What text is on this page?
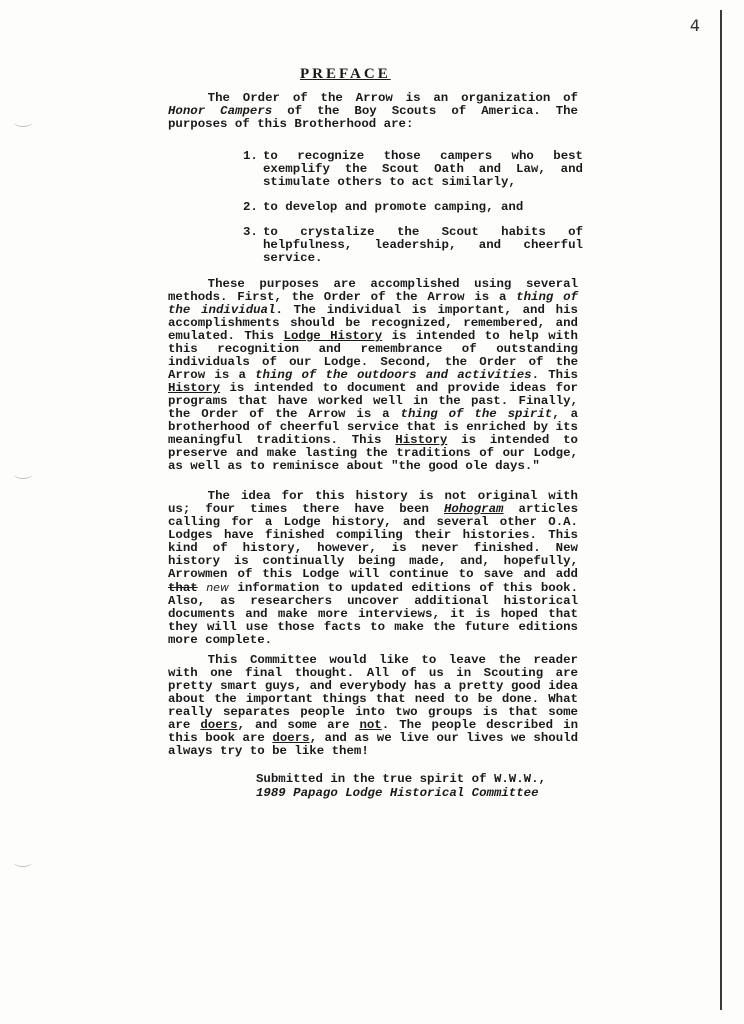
4
PREFACE

The Order of the Arrow is an organization of Honor Campers of the Boy Scouts of America. The purposes of this Brotherhood are:

1. to recognize those campers who best exemplify the Scout Oath and Law, and stimulate others to act similarly,
2. to develop and promote camping, and
3. to crystalize the Scout habits of helpfulness, leadership, and cheerful service.

These purposes are accomplished using several methods. First, the Order of the Arrow is a thing of the individual. The individual is important, and his accomplishments should be recognized, remembered, and emulated. This Lodge History is intended to help with this recognition and remembrance of outstanding individuals of our Lodge. Second, the Order of the Arrow is a thing of the outdoors and activities. This History is intended to document and provide ideas for programs that have worked well in the past. Finally, the Order of the Arrow is a thing of the spirit, a brotherhood of cheerful service that is enriched by its meaningful traditions. This History is intended to preserve and make lasting the traditions of our Lodge, as well as to reminisce about "the good ole days."

The idea for this history is not original with us; four times there have been Hohogram articles calling for a Lodge history, and several other O.A. Lodges have finished compiling their histories. This kind of history, however, is never finished. New history is continually being made, and, hopefully, Arrowmen of this Lodge will continue to save and add that new information to updated editions of this book. Also, as researchers uncover additional historical documents and make more interviews, it is hoped that they will use those facts to make the future editions more complete.

This Committee would like to leave the reader with one final thought. All of us in Scouting are pretty smart guys, and everybody has a pretty good idea about the important things that need to be done. What really separates people into two groups is that some are doers, and some are not. The people described in this book are doers, and as we live our lives we should always try to be like them!

Submitted in the true spirit of W.W.W.,
1989 Papago Lodge Historical Committee
